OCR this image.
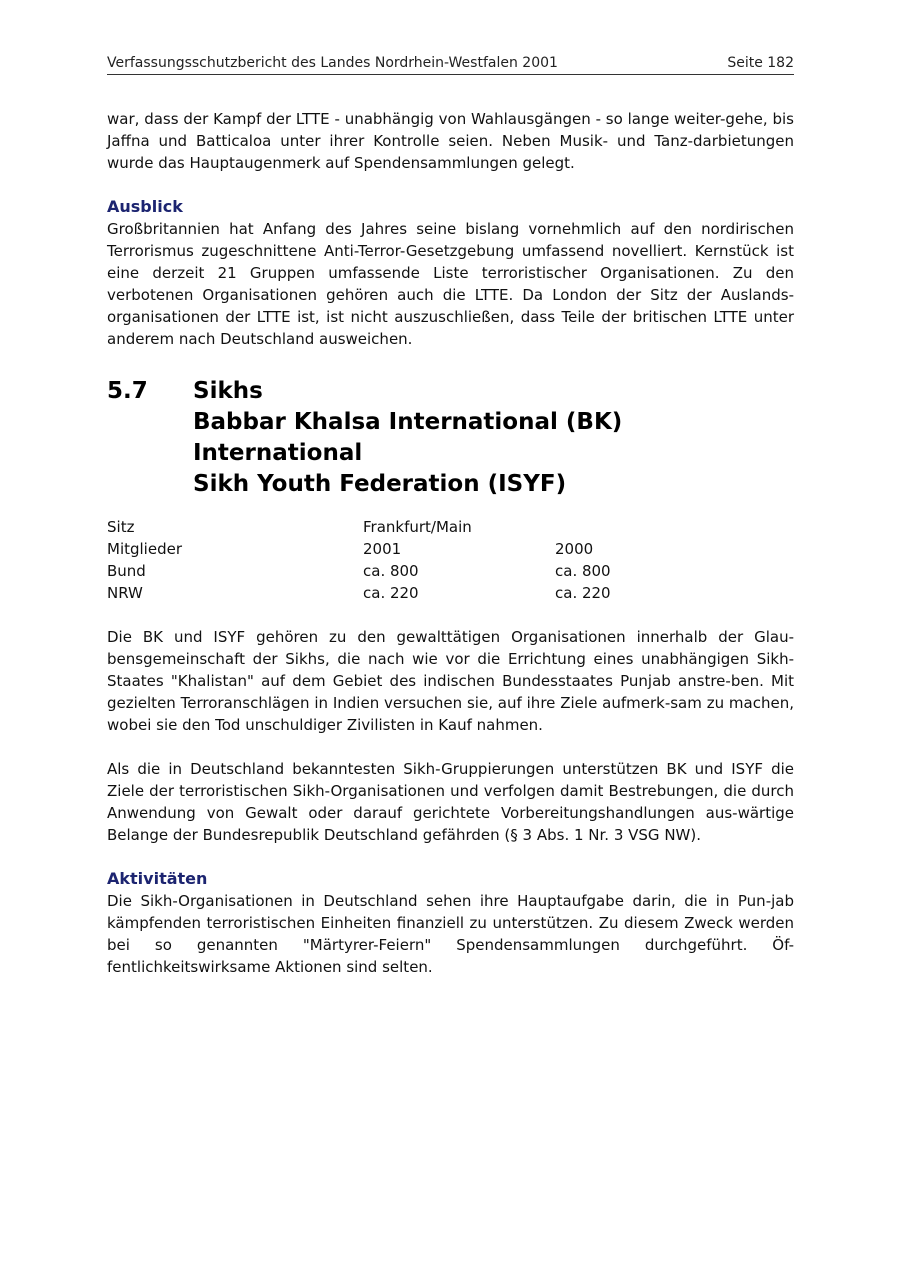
Verfassungsschutzbericht des Landes Nordrhein-Westfalen 2001	Seite 182

war, dass der Kampf der LTTE - unabhängig von Wahlausgängen - so lange weiter-gehe, bis Jaffna und Batticaloa unter ihrer Kontrolle seien. Neben Musik- und Tanz-darbietungen wurde das Hauptaugenmerk auf Spendensammlungen gelegt.

Ausblick

Großbritannien hat Anfang des Jahres seine bislang vornehmlich auf den nordirischen Terrorismus zugeschnittene Anti-Terror-Gesetzgebung umfassend novelliert. Kernstück ist eine derzeit 21 Gruppen umfassende Liste terroristischer Organisationen. Zu den verbotenen Organisationen gehören auch die LTTE. Da London der Sitz der Auslands-organisationen der LTTE ist, ist nicht auszuschließen, dass Teile der britischen LTTE unter anderem nach Deutschland ausweichen.

5.7 Sikhs
Babbar Khalsa International (BK) International
Sikh Youth Federation (ISYF)
Sitz	Frankfurt/Main	
Mitglieder	2001	2000
Bund	ca. 800	ca. 800
NRW	ca. 220	ca. 220

Die BK und ISYF gehören zu den gewalttätigen Organisationen innerhalb der Glau-bensgemeinschaft der Sikhs, die nach wie vor die Errichtung eines unabhängigen Sikh-Staates "Khalistan" auf dem Gebiet des indischen Bundesstaates Punjab anstre-ben. Mit gezielten Terroranschlägen in Indien versuchen sie, auf ihre Ziele aufmerk-sam zu machen, wobei sie den Tod unschuldiger Zivilisten in Kauf nahmen.

Als die in Deutschland bekanntesten Sikh-Gruppierungen unterstützen BK und ISYF die Ziele der terroristischen Sikh-Organisationen und verfolgen damit Bestrebungen, die durch Anwendung von Gewalt oder darauf gerichtete Vorbereitungshandlungen aus-wärtige Belange der Bundesrepublik Deutschland gefährden (§ 3 Abs. 1 Nr. 3 VSG NW).

Aktivitäten

Die Sikh-Organisationen in Deutschland sehen ihre Hauptaufgabe darin, die in Pun-jab kämpfenden terroristischen Einheiten finanziell zu unterstützen. Zu diesem Zweck werden bei so genannten "Märtyrer-Feiern" Spendensammlungen durchgeführt. Öf-fentlichkeitswirksame Aktionen sind selten.
